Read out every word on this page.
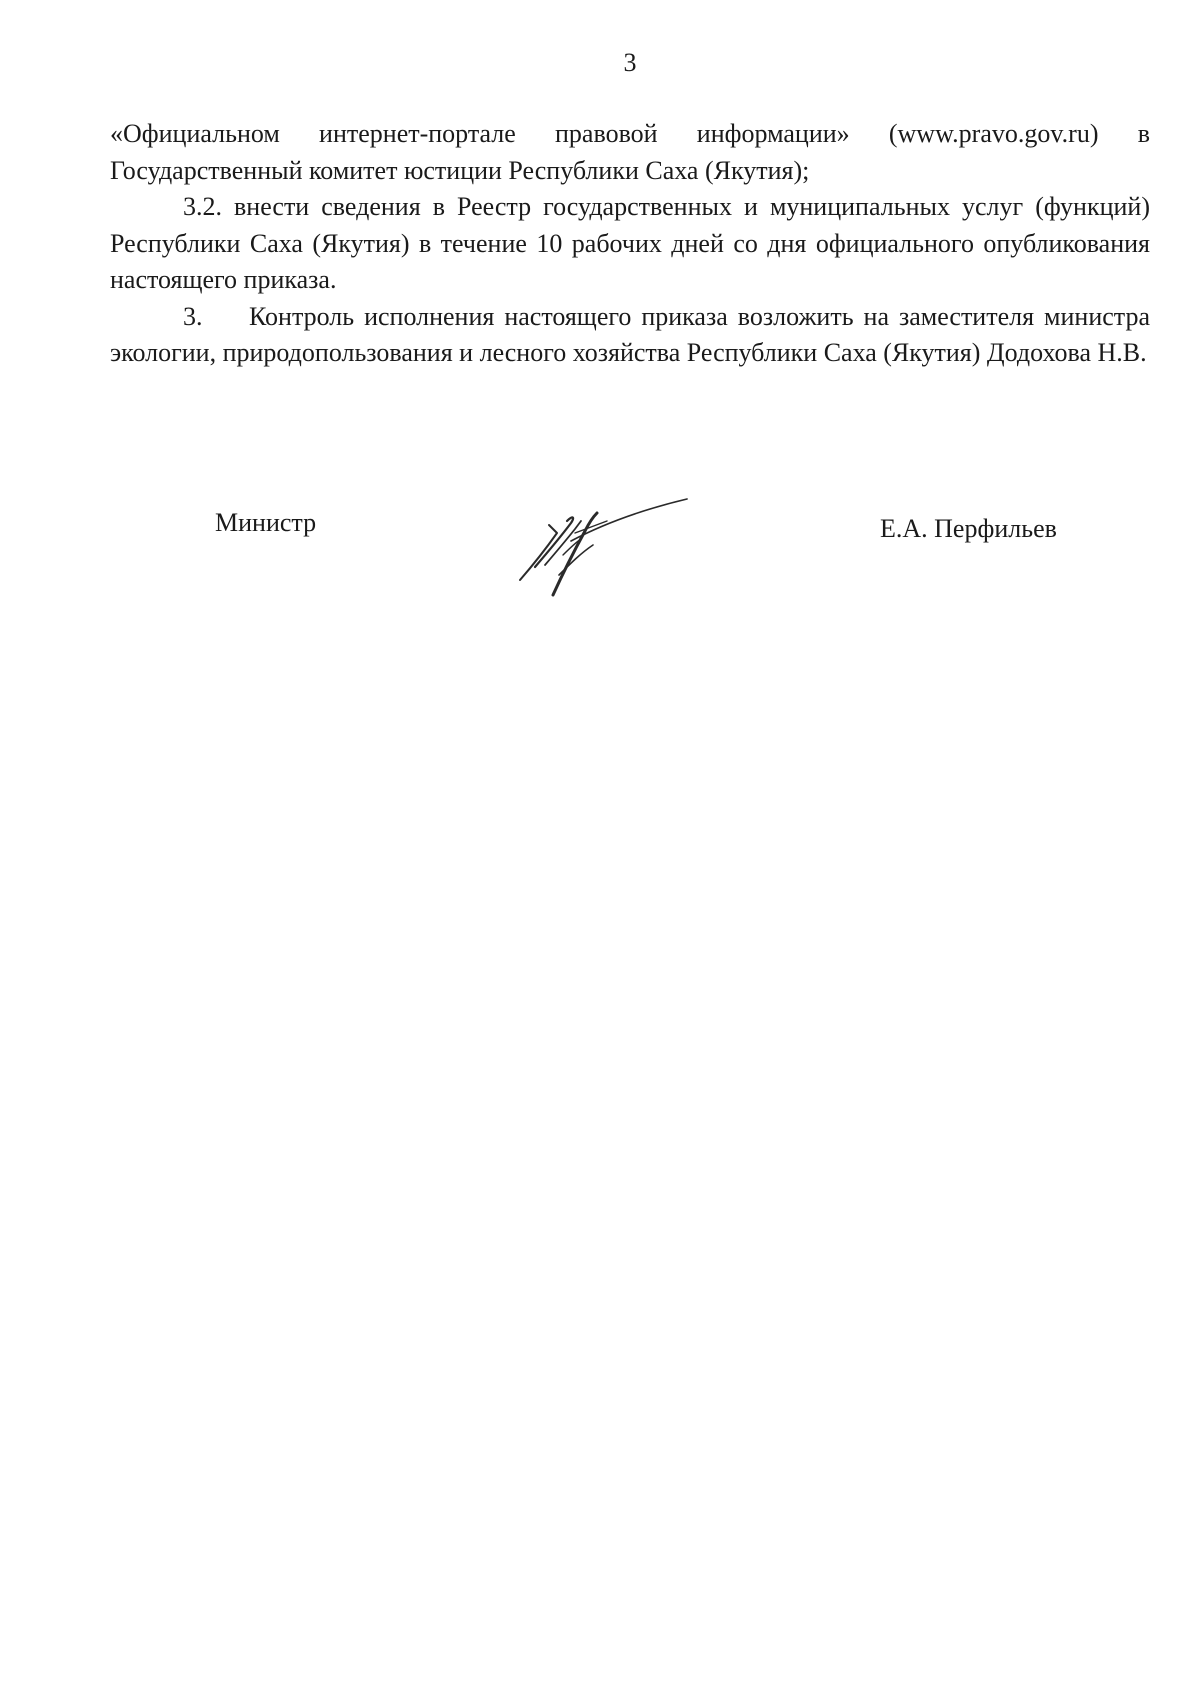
3

«Официальном интернет-портале правовой информации» (www.pravo.gov.ru) в Государственный комитет юстиции Республики Саха (Якутия);

3.2. внести сведения в Реестр государственных и муниципальных услуг (функций) Республики Саха (Якутия) в течение 10 рабочих дней со дня официального опубликования настоящего приказа.

3. Контроль исполнения настоящего приказа возложить на заместителя министра экологии, природопользования и лесного хозяйства Республики Саха (Якутия) Додохова Н.В.

Министр	Е.А. Перфильев
